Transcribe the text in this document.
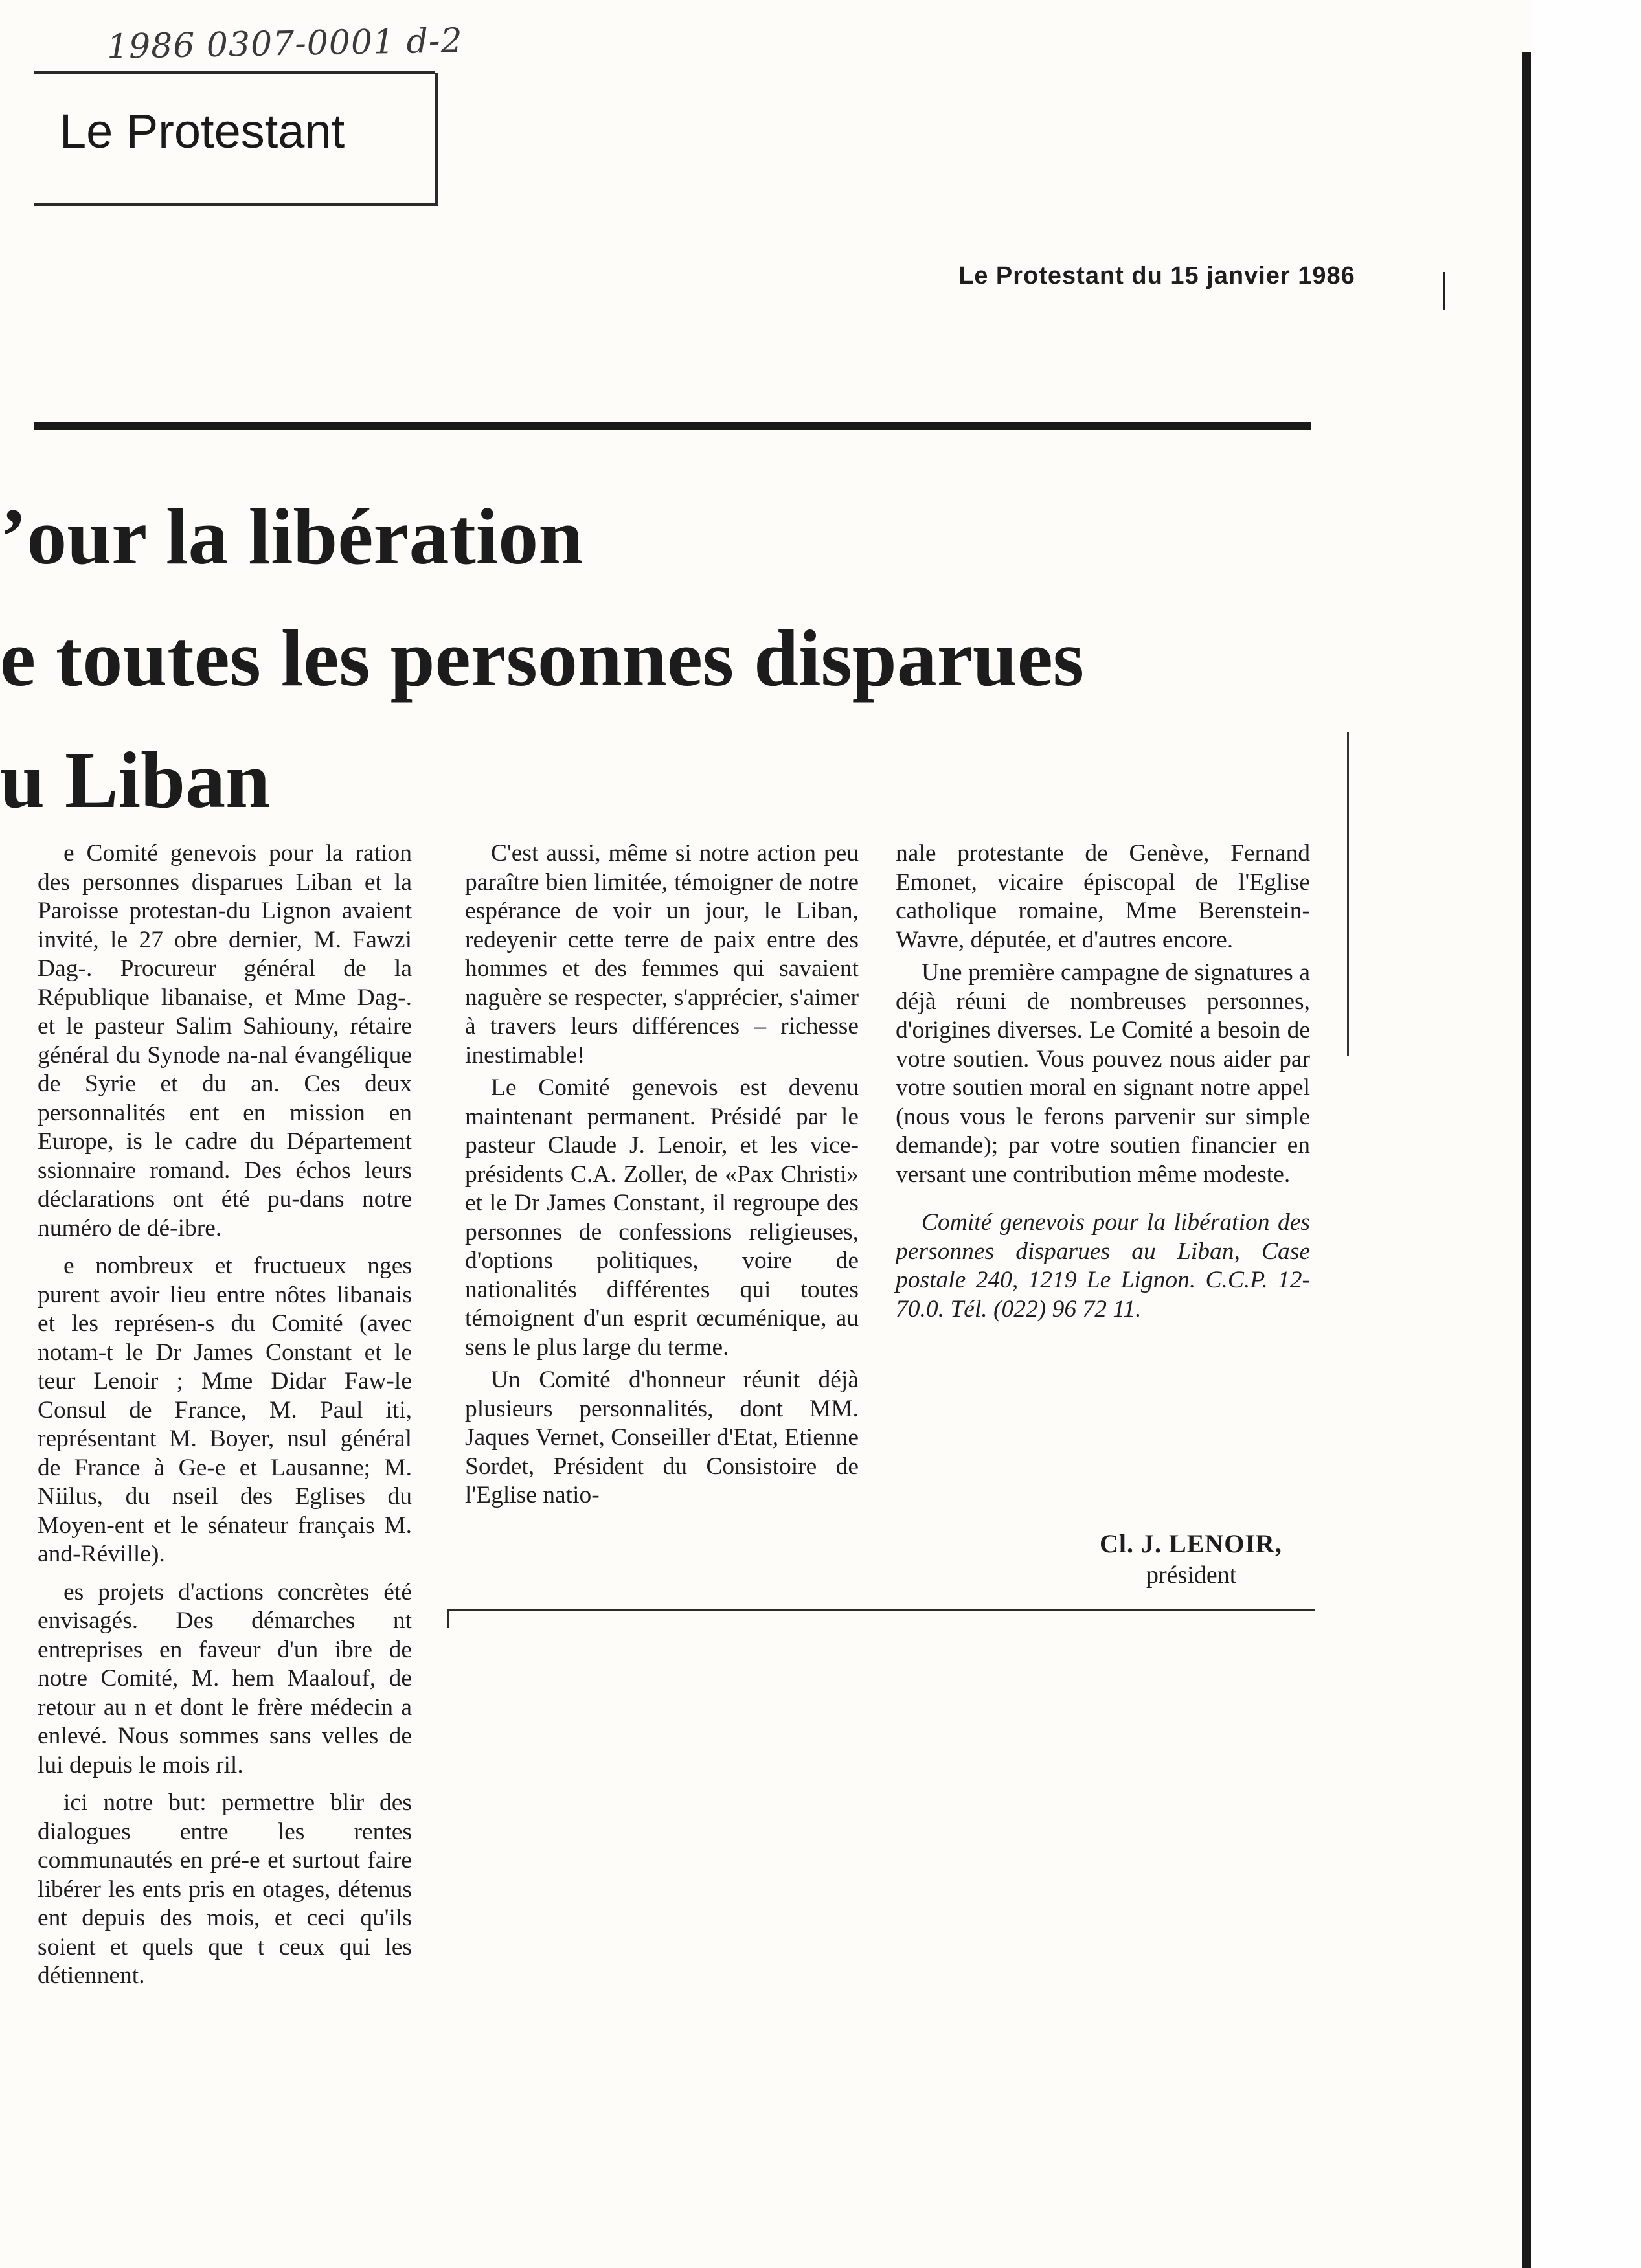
1986 0307-0001 d-2
Le Protestant
Le Protestant du 15 janvier 1986
’our la libération
e toutes les personnes disparues
u Liban

e Comité genevois pour la ration des personnes disparues Liban et la Paroisse protestan-du Lignon avaient invité, le 27 obre dernier, M. Fawzi Dag-. Procureur général de la République libanaise, et Mme Dag-. et le pasteur Salim Sahiouny, rétaire général du Synode na-nal évangélique de Syrie et du an. Ces deux personnalités ent en mission en Europe, is le cadre du Département ssionnaire romand. Des échos leurs déclarations ont été pu-dans notre numéro de dé-ibre.

e nombreux et fructueux nges purent avoir lieu entre nôtes libanais et les représen-s du Comité (avec notam-t le Dr James Constant et le teur Lenoir ; Mme Didar Faw-le Consul de France, M. Paul iti, représentant M. Boyer, nsul général de France à Ge-e et Lausanne; M. Niilus, du nseil des Eglises du Moyen-ent et le sénateur français M. and-Réville).

es projets d'actions concrètes été envisagés. Des démarches nt entreprises en faveur d'un ibre de notre Comité, M. hem Maalouf, de retour au n et dont le frère médecin a enlevé. Nous sommes sans velles de lui depuis le mois ril.

ici notre but: permettre blir des dialogues entre les rentes communautés en pré-e et surtout faire libérer les ents pris en otages, détenus ent depuis des mois, et ceci qu'ils soient et quels que t ceux qui les détiennent.

C'est aussi, même si notre action peu paraître bien limitée, témoigner de notre espérance de voir un jour, le Liban, redeyenir cette terre de paix entre des hommes et des femmes qui savaient naguère se respecter, s'apprécier, s'aimer à travers leurs différences – richesse inestimable!

Le Comité genevois est devenu maintenant permanent. Présidé par le pasteur Claude J. Lenoir, et les vice-présidents C.A. Zoller, de «Pax Christi» et le Dr James Constant, il regroupe des personnes de confessions religieuses, d'options politiques, voire de nationalités différentes qui toutes témoignent d'un esprit œcuménique, au sens le plus large du terme.

Un Comité d'honneur réunit déjà plusieurs personnalités, dont MM. Jaques Vernet, Conseiller d'Etat, Etienne Sordet, Président du Consistoire de l'Eglise natio-

nale protestante de Genève, Fernand Emonet, vicaire épiscopal de l'Eglise catholique romaine, Mme Berenstein-Wavre, députée, et d'autres encore.

Une première campagne de signatures a déjà réuni de nombreuses personnes, d'origines diverses. Le Comité a besoin de votre soutien. Vous pouvez nous aider par votre soutien moral en signant notre appel (nous vous le ferons parvenir sur simple demande); par votre soutien financier en versant une contribution même modeste.

Comité genevois pour la libération des personnes disparues au Liban, Case postale 240, 1219 Le Lignon. C.C.P. 12-70.0. Tél. (022) 96 72 11.

Cl. J. LENOIR,
président
